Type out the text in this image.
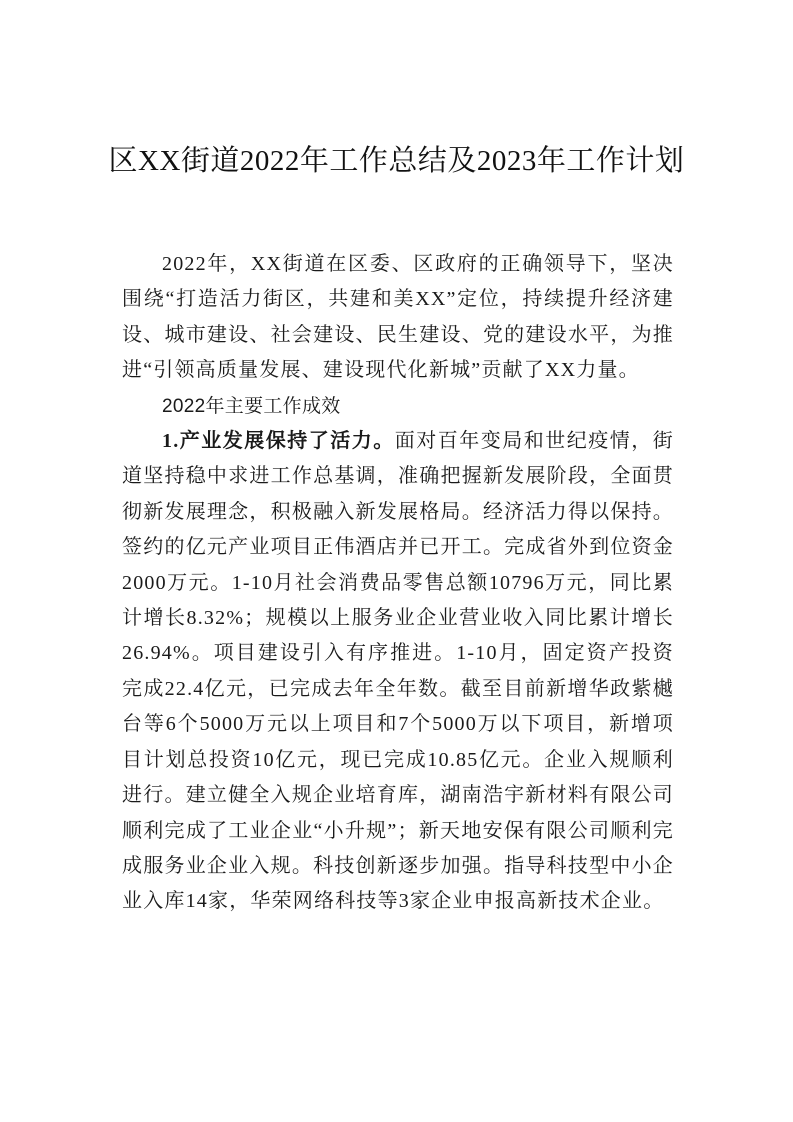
区XX街道2022年工作总结及2023年工作计划

2022年，XX街道在区委、区政府的正确领导下，坚决围绕“打造活力街区，共建和美XX”定位，持续提升经济建设、城市建设、社会建设、民生建设、党的建设水平，为推进“引领高质量发展、建设现代化新城”贡献了XX力量。

2022年主要工作成效

1.产业发展保持了活力。面对百年变局和世纪疫情，街道坚持稳中求进工作总基调，准确把握新发展阶段，全面贯彻新发展理念，积极融入新发展格局。经济活力得以保持。签约的亿元产业项目正伟酒店并已开工。完成省外到位资金2000万元。1-10月社会消费品零售总额10796万元，同比累计增长8.32%；规模以上服务业企业营业收入同比累计增长26.94%。项目建设引入有序推进。1-10月，固定资产投资完成22.4亿元，已完成去年全年数。截至目前新增华政紫樾台等6个5000万元以上项目和7个5000万以下项目，新增项目计划总投资10亿元，现已完成10.85亿元。企业入规顺利进行。建立健全入规企业培育库，湖南浩宇新材料有限公司顺利完成了工业企业“小升规”；新天地安保有限公司顺利完成服务业企业入规。科技创新逐步加强。指导科技型中小企业入库14家，华荣网络科技等3家企业申报高新技术企业。
